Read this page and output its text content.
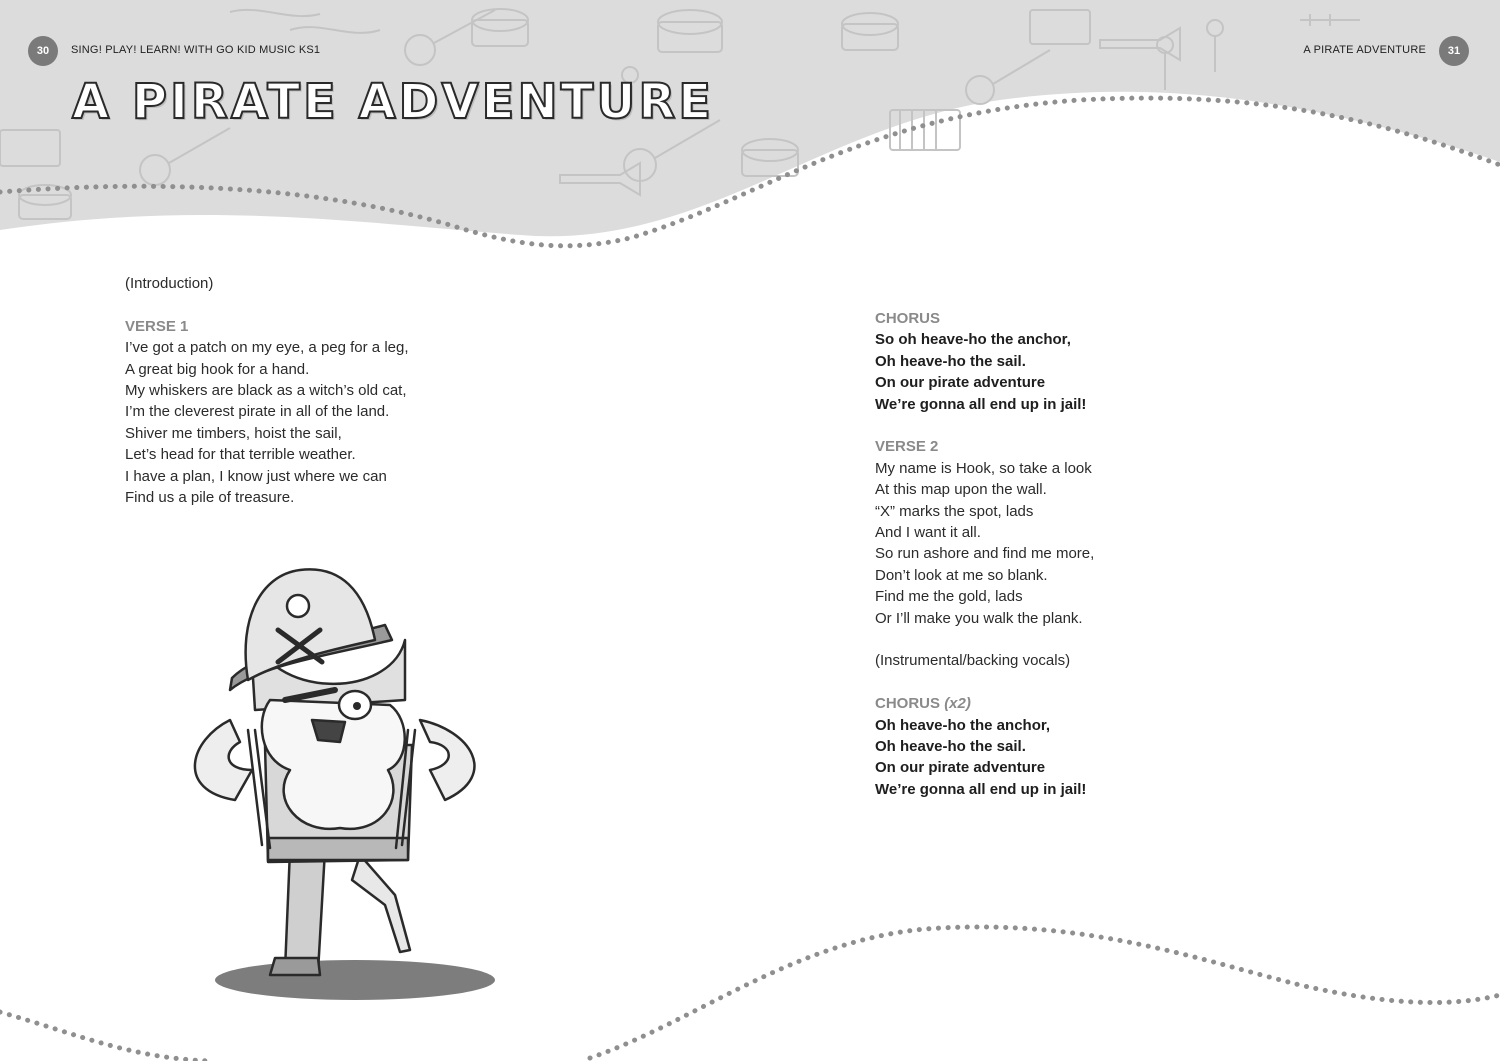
30	SING! PLAY! LEARN! WITH GO KID MUSIC KS1	A PIRATE ADVENTURE	31
A PIRATE ADVENTURE

(Introduction)

VERSE 1

I’ve got a patch on my eye, a peg for a leg,

A great big hook for a hand.

My whiskers are black as a witch’s old cat,

I’m the cleverest pirate in all of the land.

Shiver me timbers, hoist the sail,

Let’s head for that terrible weather.

I have a plan, I know just where we can

Find us a pile of treasure.

CHORUS

So oh heave-ho the anchor,

Oh heave-ho the sail.

On our pirate adventure

We’re gonna all end up in jail!

VERSE 2

My name is Hook, so take a look

At this map upon the wall.

“X” marks the spot, lads

And I want it all.

So run ashore and find me more,

Don’t look at me so blank.

Find me the gold, lads

Or I’ll make you walk the plank.

(Instrumental/backing vocals)

CHORUS (x2)

Oh heave-ho the anchor,

Oh heave-ho the sail.

On our pirate adventure

We’re gonna all end up in jail!
